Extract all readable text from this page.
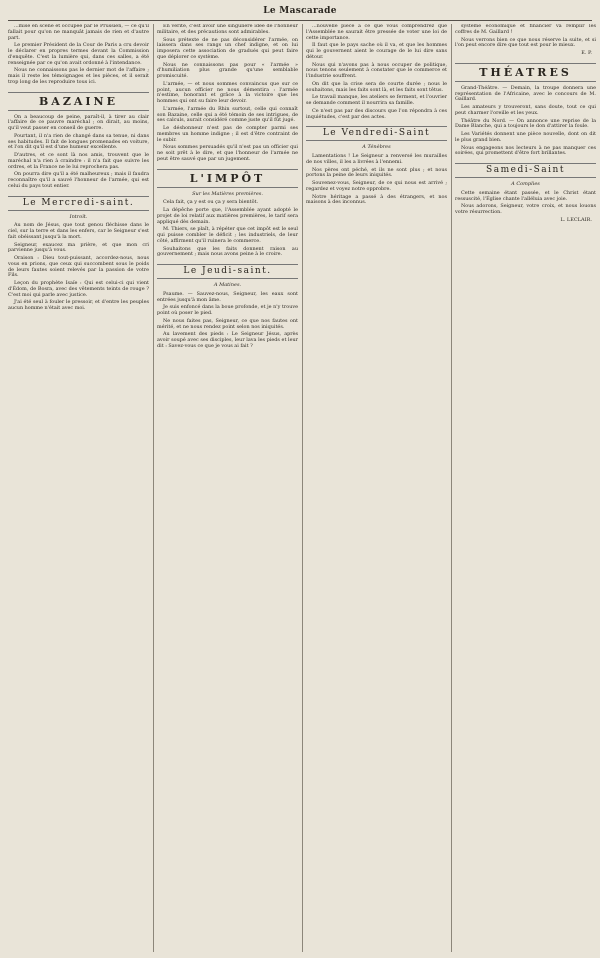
Le Mascarade

...mise en scène et occupée par le Prussien, — ce qu'il fallait pour qu'on ne manquât jamais de rien et d'autre part.

Le premier Président de la Cour de Paris a cru devoir le déclarer en propres termes devant la Commission d'enquête. C'est la lumière qui, dans ces salles, a été renseignée par ce qu'on avait ordonné à l'intendance.

Nous ne connaissons pas le dernier mot de l'affaire ; mais il reste les témoignages et les pièces, et il serait trop long de les reproduire tous ici.

BAZAINE

On a beaucoup de peine, paraît-il, à tirer au clair l'affaire de ce pauvre maréchal ; on dirait, au moins, qu'il veut passer en conseil de guerre.

Pourtant, il n'a rien de changé dans sa tenue, ni dans ses habitudes. Il fait de longues promenades en voiture, et l'on dit qu'il est d'une humeur excellente.

D'autres, et ce sont là nos amis, trouvent que le maréchal n'a rien à craindre : il n'a fait que suivre les ordres, et la France ne le lui reprochera pas.

On pourra dire qu'il a été malheureux ; mais il faudra reconnaître qu'il a sauvé l'honneur de l'armée, qui est celui du pays tout entier.

Le Mercredi-saint.
Introït.

Au nom de Jésus, que tout genou fléchisse dans le ciel, sur la terre et dans les enfers, car le Seigneur s'est fait obéissant jusqu'à la mort.

Seigneur, exaucez ma prière, et que mon cri parvienne jusqu'à vous.

Oraison : Dieu tout-puissant, accordez-nous, nous vous en prions, que ceux qui succombent sous le poids de leurs fautes soient relevés par la passion de votre Fils.

Leçon du prophète Isaïe : Qui est celui-ci qui vient d'Édom, de Bosra, avec des vêtements teints de rouge ? C'est moi qui parle avec justice.

J'ai été seul à fouler le pressoir, et d'entre les peuples aucun homme n'était avec moi.

En vérité, c'est avoir une singulière idée de l'honneur militaire, et des précautions sont admirables.

Sous prétexte de ne pas déconsidérer l'armée, on laissera dans ses rangs un chef indigne, et on lui imposera cette association de gradués qui peut faire que déplorer ce système.

Nous ne connaissons pas pour « l'armée » d'humiliation plus grande qu'une semblable promiscuité.

L'armée, — et nous sommes convaincus que sur ce point, aucun officier ne nous démentira : l'armée n'estime, honorant et grâce à la victoire que les hommes qui ont su faire leur devoir.

L'armée, l'armée du Rhin surtout, celle qui connaît son Bazaine, celle qui a été témoin de ses intrigues, de ses calculs, aurait considéré comme juste qu'il fût jugé.

Le déshonneur n'est pas de compter parmi ses membres un homme indigne ; il est d'être contraint de le subir.

Nous sommes persuadés qu'il n'est pas un officier qui ne soit prêt à le dire, et que l'honneur de l'armée ne peut être sauvé que par un jugement.

L'IMPÔT
Sur les Matières premières.

Cela fait, ça y est ou ça y sera bientôt.

La dépêche porte que, l'Assemblée ayant adopté le projet de loi relatif aux matières premières, le tarif sera appliqué dès demain.

M. Thiers, se plaît, à répéter que cet impôt est le seul qui puisse combler le déficit ; les industriels, de leur côté, affirment qu'il ruinera le commerce.

Souhaitons que les faits donnent raison au gouvernement ; mais nous avons peine à le croire.

Le Jeudi-saint.
A Matines.

Psaume. — Sauvez-nous, Seigneur, les eaux sont entrées jusqu'à mon âme.

Je suis enfoncé dans la boue profonde, et je n'y trouve point où poser le pied.

Ne nous faites pas, Seigneur, ce que nos fautes ont mérité, et ne nous rendez point selon nos iniquités.

Au lavement des pieds : Le Seigneur Jésus, après avoir soupé avec ses disciples, leur lava les pieds et leur dit : Savez-vous ce que je vous ai fait ?

...nouvelle pièce à ce que vous comprendrez que l'Assemblée ne saurait être pressée de voter une loi de cette importance.

Il faut que le pays sache où il va, et que les hommes qui le gouvernent aient le courage de le lui dire sans détour.

Nous qui n'avons pas à nous occuper de politique, nous tenons seulement à constater que le commerce et l'industrie souffrent.

On dit que la crise sera de courte durée ; nous le souhaitons, mais les faits sont là, et les faits sont têtus.

Le travail manque, les ateliers se ferment, et l'ouvrier se demande comment il nourrira sa famille.

Ce n'est pas par des discours que l'on répondra à ces inquiétudes, c'est par des actes.

Le Vendredi-Saint
A Ténèbres

Lamentations ! Le Seigneur a renversé les murailles de nos villes, il les a livrées à l'ennemi.

Nos pères ont péché, et ils ne sont plus ; et nous portons la peine de leurs iniquités.

Souvenez-vous, Seigneur, de ce qui nous est arrivé ; regardez et voyez notre opprobre.

Notre héritage a passé à des étrangers, et nos maisons à des inconnus.

système économique et financier va remplir les coffres de M. Gaillard !

Nous verrons bien ce que nous réserve la suite, et si l'on peut encore dire que tout est pour le mieux.

E. P.
THÉATRES

Grand-Théâtre. — Demain, la troupe donnera une représentation de l'Africaine, avec le concours de M. Gaillard.

Les amateurs y trouveront, sans doute, tout ce qui peut charmer l'oreille et les yeux.

Théâtre du Nord. — On annonce une reprise de la Dame Blanche, qui a toujours le don d'attirer la foule.

Les Variétés donnent une pièce nouvelle, dont on dit le plus grand bien.

Nous engageons nos lecteurs à ne pas manquer ces soirées, qui promettent d'être fort brillantes.

Samedi-Saint
A Complies

Cette semaine étant passée, et le Christ étant ressuscité, l'Église chante l'alléluia avec joie.

Nous adorons, Seigneur, votre croix, et nous louons votre résurrection.

L. LECLAIR.
